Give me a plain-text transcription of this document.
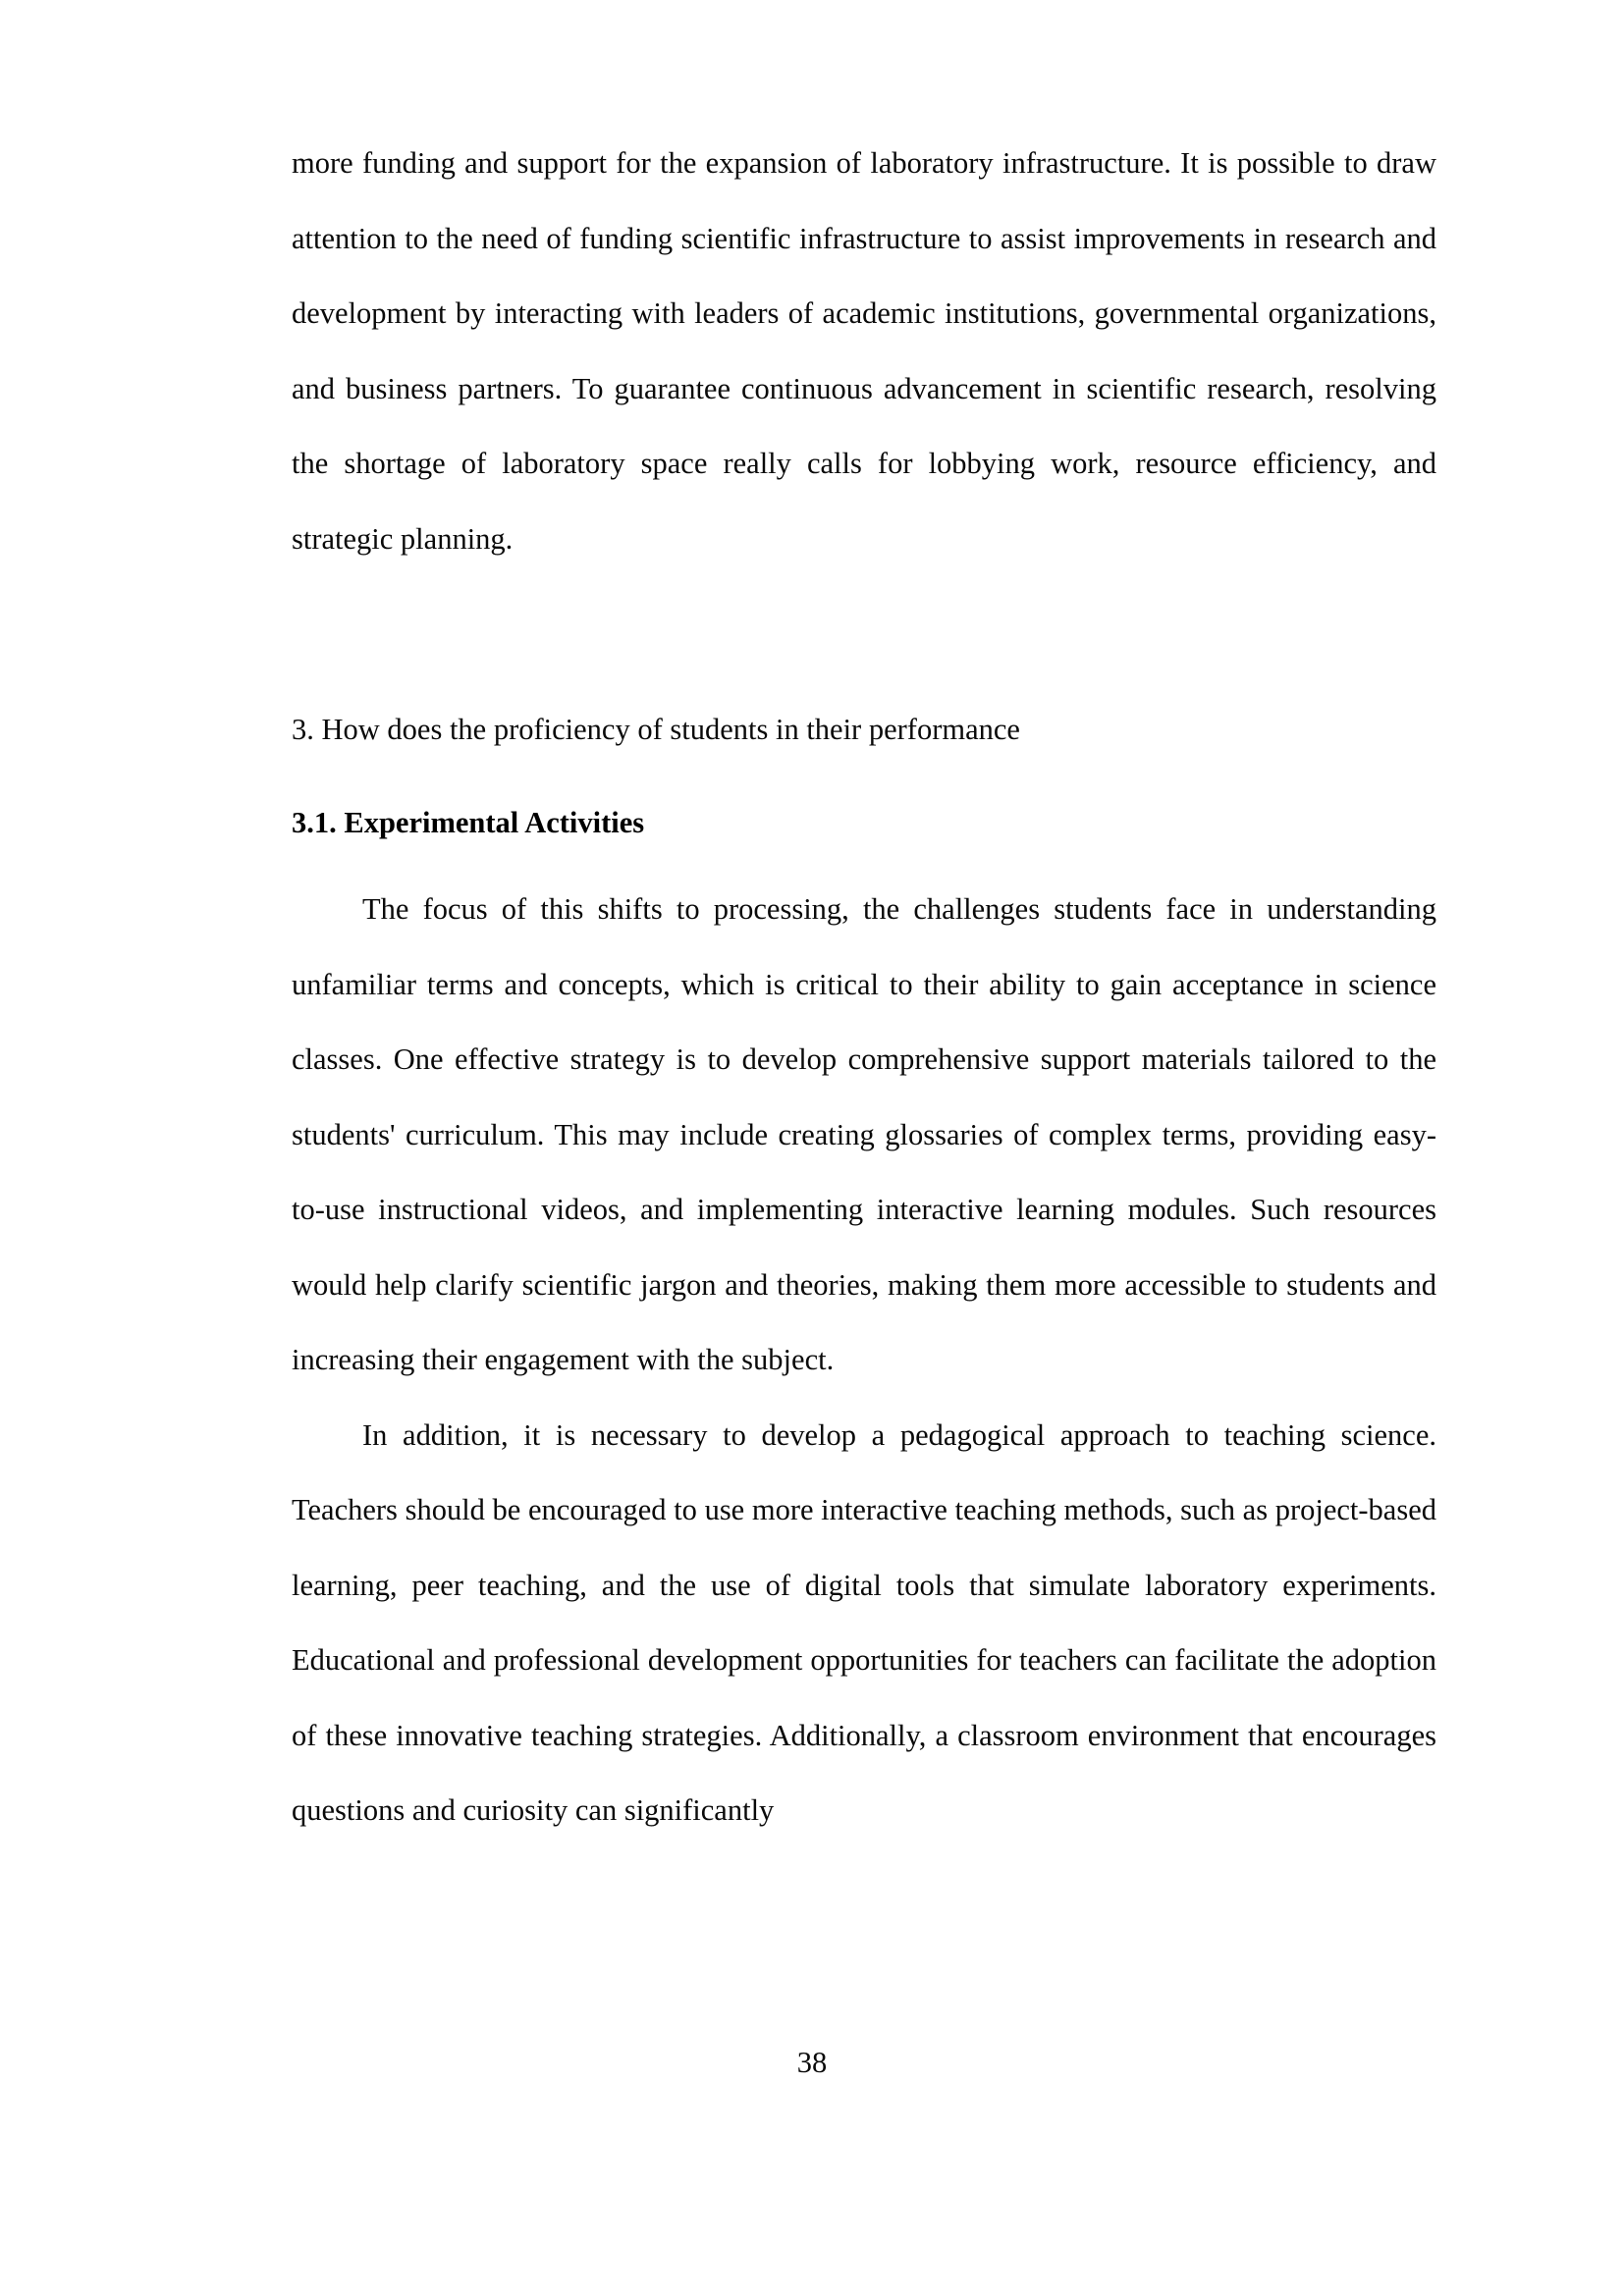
more funding and support for the expansion of laboratory infrastructure. It is possible to draw attention to the need of funding scientific infrastructure to assist improvements in research and development by interacting with leaders of academic institutions, governmental organizations, and business partners. To guarantee continuous advancement in scientific research, resolving the shortage of laboratory space really calls for lobbying work, resource efficiency, and strategic planning.

3. How does the proficiency of students in their performance

3.1. Experimental Activities

The focus of this shifts to processing, the challenges students face in understanding unfamiliar terms and concepts, which is critical to their ability to gain acceptance in science classes. One effective strategy is to develop comprehensive support materials tailored to the students' curriculum. This may include creating glossaries of complex terms, providing easy-to-use instructional videos, and implementing interactive learning modules. Such resources would help clarify scientific jargon and theories, making them more accessible to students and increasing their engagement with the subject.

In addition, it is necessary to develop a pedagogical approach to teaching science. Teachers should be encouraged to use more interactive teaching methods, such as project-based learning, peer teaching, and the use of digital tools that simulate laboratory experiments. Educational and professional development opportunities for teachers can facilitate the adoption of these innovative teaching strategies. Additionally, a classroom environment that encourages questions and curiosity can significantly

38
